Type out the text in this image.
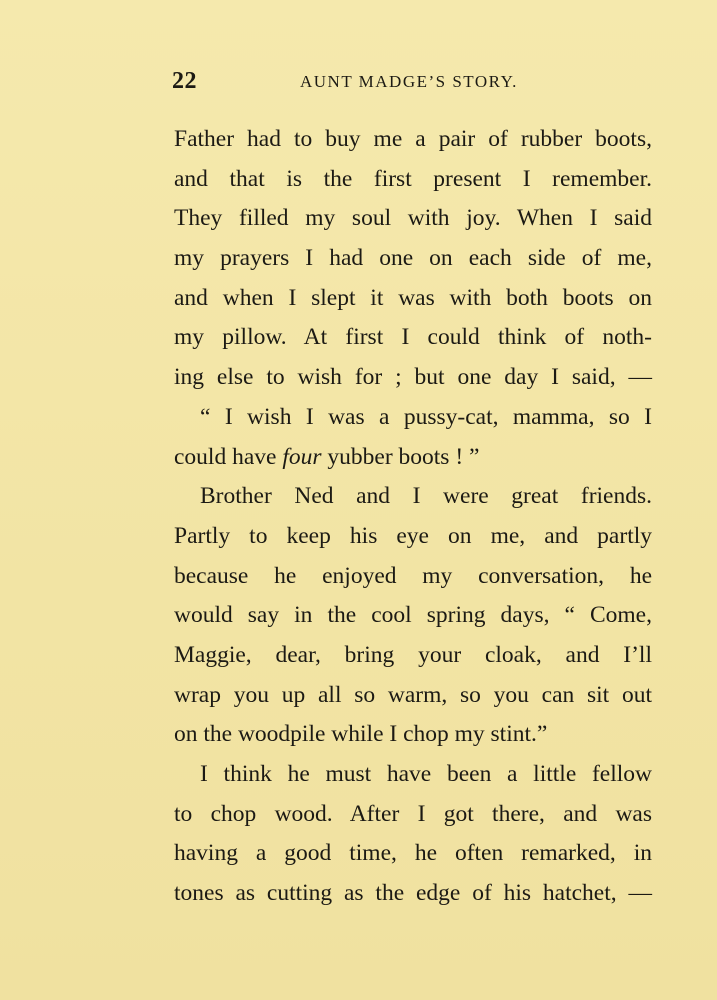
22	AUNT MADGE’S STORY.
Father had to buy me a pair of rubber boots,
and that is the first present I remember.
They filled my soul with joy. When I said
my prayers I had one on each side of me,
and when I slept it was with both boots on
my pillow. At first I could think of noth-
ing else to wish for ; but one day I said, —
“ I wish I was a pussy-cat, mamma, so I
could have four yubber boots ! ”
Brother Ned and I were great friends.
Partly to keep his eye on me, and partly
because he enjoyed my conversation, he
would say in the cool spring days, “ Come,
Maggie, dear, bring your cloak, and I’ll
wrap you up all so warm, so you can sit out
on the woodpile while I chop my stint.”
I think he must have been a little fellow
to chop wood. After I got there, and was
having a good time, he often remarked, in
tones as cutting as the edge of his hatchet, —
